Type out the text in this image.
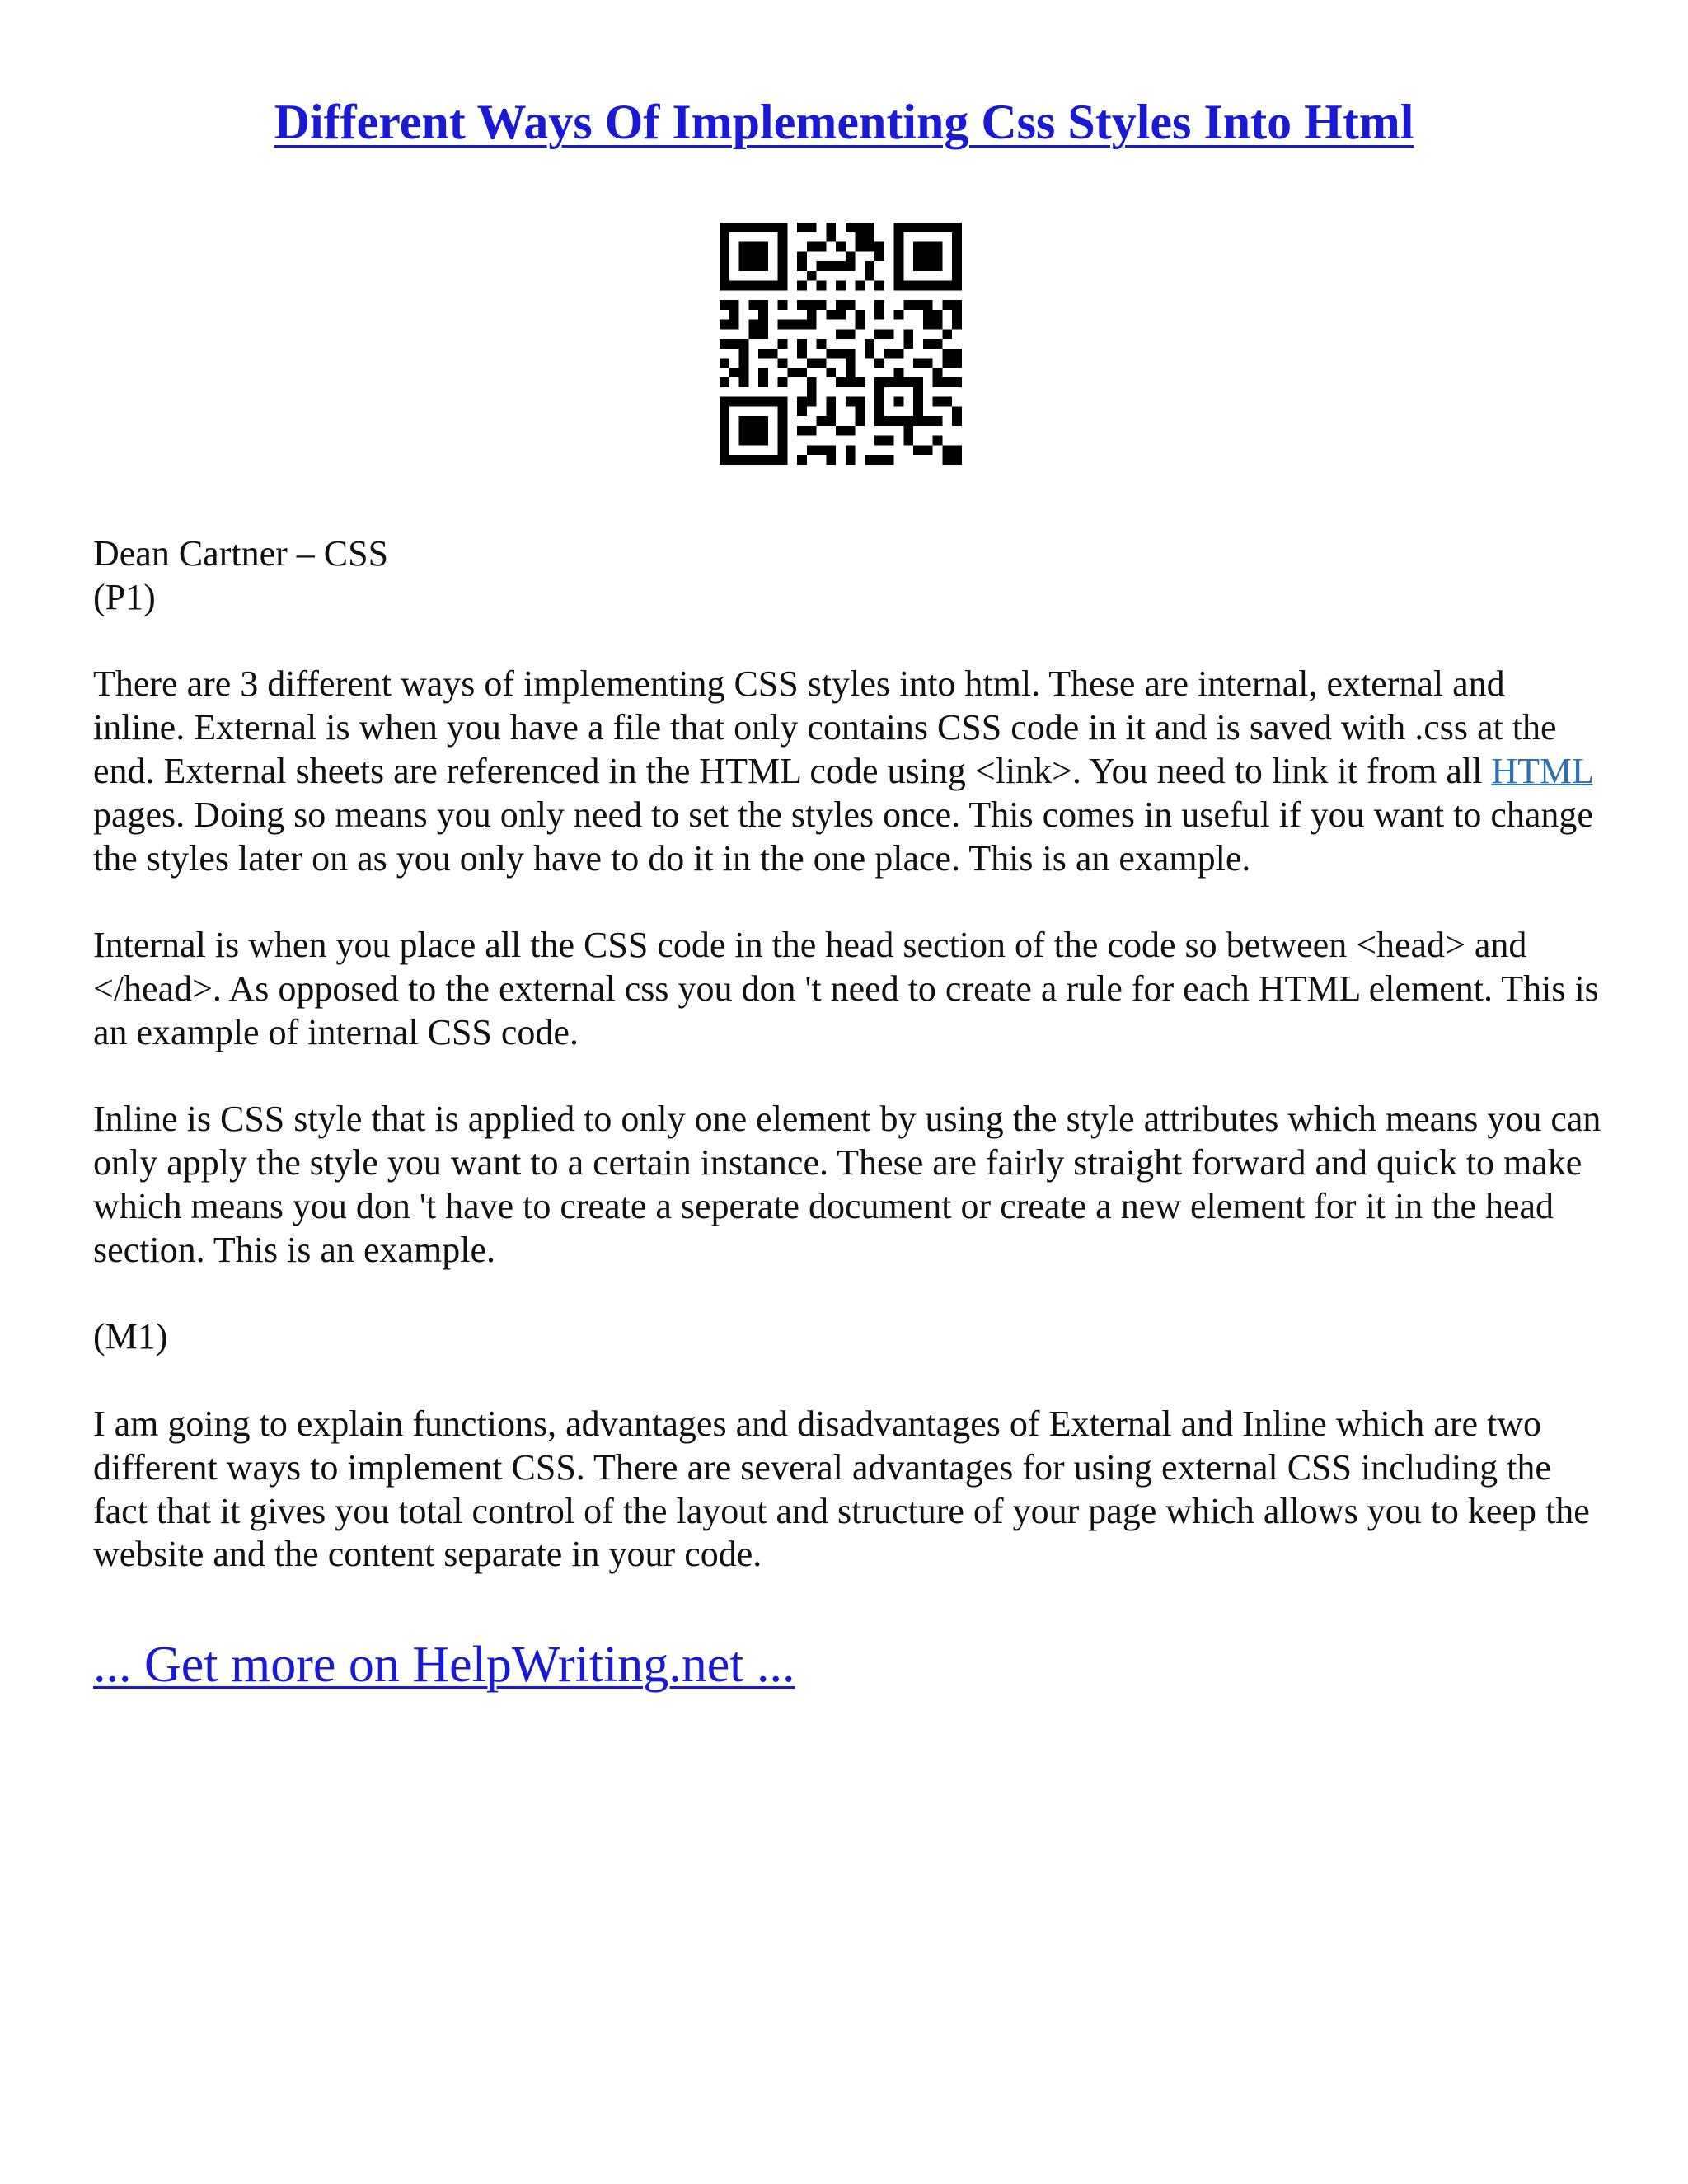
Different Ways Of Implementing Css Styles Into Html

Dean Cartner – CSS
(P1)

There are 3 different ways of implementing CSS styles into html. These are internal, external and inline. External is when you have a file that only contains CSS code in it and is saved with .css at the end. External sheets are referenced in the HTML code using <link>. You need to link it from all HTML pages. Doing so means you only need to set the styles once. This comes in useful if you want to change the styles later on as you only have to do it in the one place. This is an example.

Internal is when you place all the CSS code in the head section of the code so between <head> and </head>. As opposed to the external css you don 't need to create a rule for each HTML element. This is an example of internal CSS code.

Inline is CSS style that is applied to only one element by using the style attributes which means you can only apply the style you want to a certain instance. These are fairly straight forward and quick to make which means you don 't have to create a seperate document or create a new element for it in the head section. This is an example.

(M1)

I am going to explain functions, advantages and disadvantages of External and Inline which are two different ways to implement CSS. There are several advantages for using external CSS including the fact that it gives you total control of the layout and structure of your page which allows you to keep the website and the content separate in your code.

... Get more on HelpWriting.net ...
